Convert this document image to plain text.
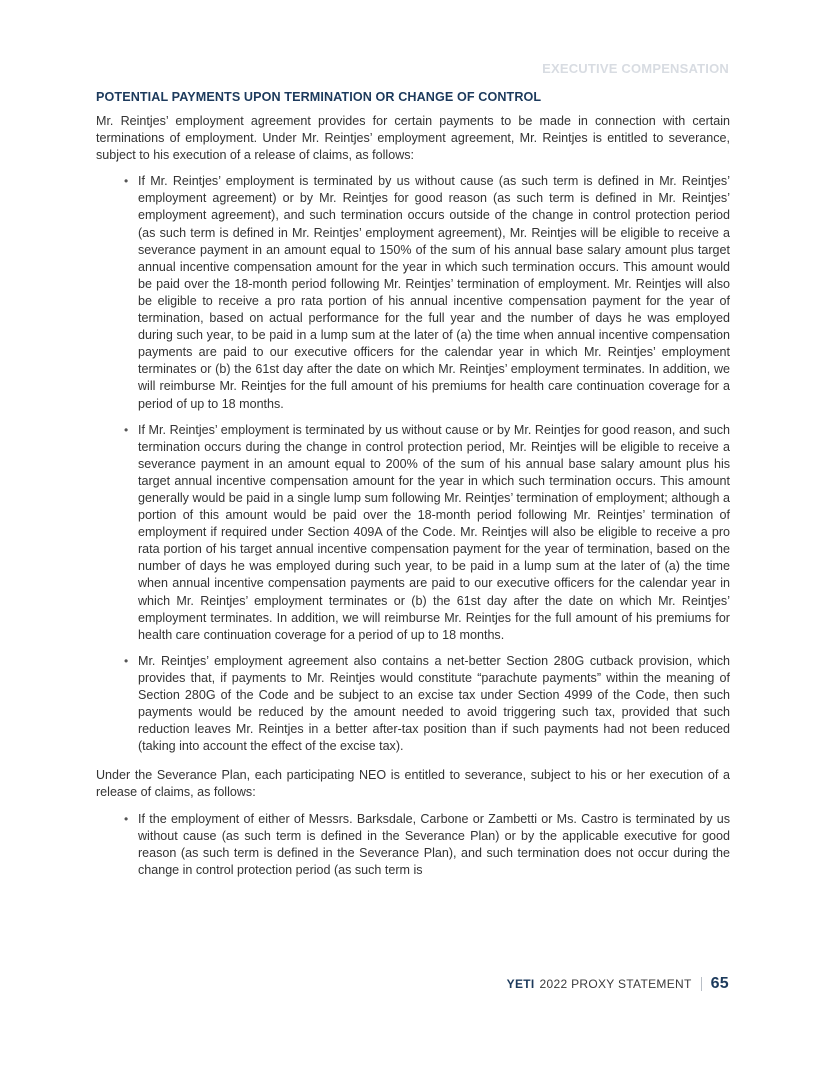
EXECUTIVE COMPENSATION
POTENTIAL PAYMENTS UPON TERMINATION OR CHANGE OF CONTROL

Mr. Reintjes’ employment agreement provides for certain payments to be made in connection with certain terminations of employment. Under Mr. Reintjes’ employment agreement, Mr. Reintjes is entitled to severance, subject to his execution of a release of claims, as follows:

• If Mr. Reintjes’ employment is terminated by us without cause (as such term is defined in Mr. Reintjes’ employment agreement) or by Mr. Reintjes for good reason (as such term is defined in Mr. Reintjes’ employment agreement), and such termination occurs outside of the change in control protection period (as such term is defined in Mr. Reintjes’ employment agreement), Mr. Reintjes will be eligible to receive a severance payment in an amount equal to 150% of the sum of his annual base salary amount plus target annual incentive compensation amount for the year in which such termination occurs. This amount would be paid over the 18-month period following Mr. Reintjes’ termination of employment. Mr. Reintjes will also be eligible to receive a pro rata portion of his annual incentive compensation payment for the year of termination, based on actual performance for the full year and the number of days he was employed during such year, to be paid in a lump sum at the later of (a) the time when annual incentive compensation payments are paid to our executive officers for the calendar year in which Mr. Reintjes’ employment terminates or (b) the 61st day after the date on which Mr. Reintjes’ employment terminates. In addition, we will reimburse Mr. Reintjes for the full amount of his premiums for health care continuation coverage for a period of up to 18 months.
• If Mr. Reintjes’ employment is terminated by us without cause or by Mr. Reintjes for good reason, and such termination occurs during the change in control protection period, Mr. Reintjes will be eligible to receive a severance payment in an amount equal to 200% of the sum of his annual base salary amount plus his target annual incentive compensation amount for the year in which such termination occurs. This amount generally would be paid in a single lump sum following Mr. Reintjes’ termination of employment; although a portion of this amount would be paid over the 18-month period following Mr. Reintjes’ termination of employment if required under Section 409A of the Code. Mr. Reintjes will also be eligible to receive a pro rata portion of his target annual incentive compensation payment for the year of termination, based on the number of days he was employed during such year, to be paid in a lump sum at the later of (a) the time when annual incentive compensation payments are paid to our executive officers for the calendar year in which Mr. Reintjes’ employment terminates or (b) the 61st day after the date on which Mr. Reintjes’ employment terminates. In addition, we will reimburse Mr. Reintjes for the full amount of his premiums for health care continuation coverage for a period of up to 18 months.
• Mr. Reintjes’ employment agreement also contains a net-better Section 280G cutback provision, which provides that, if payments to Mr. Reintjes would constitute “parachute payments” within the meaning of Section 280G of the Code and be subject to an excise tax under Section 4999 of the Code, then such payments would be reduced by the amount needed to avoid triggering such tax, provided that such reduction leaves Mr. Reintjes in a better after-tax position than if such payments had not been reduced (taking into account the effect of the excise tax).

Under the Severance Plan, each participating NEO is entitled to severance, subject to his or her execution of a release of claims, as follows:

• If the employment of either of Messrs. Barksdale, Carbone or Zambetti or Ms. Castro is terminated by us without cause (as such term is defined in the Severance Plan) or by the applicable executive for good reason (as such term is defined in the Severance Plan), and such termination does not occur during the change in control protection period (as such term is
YETI 2022 PROXY STATEMENT 65
